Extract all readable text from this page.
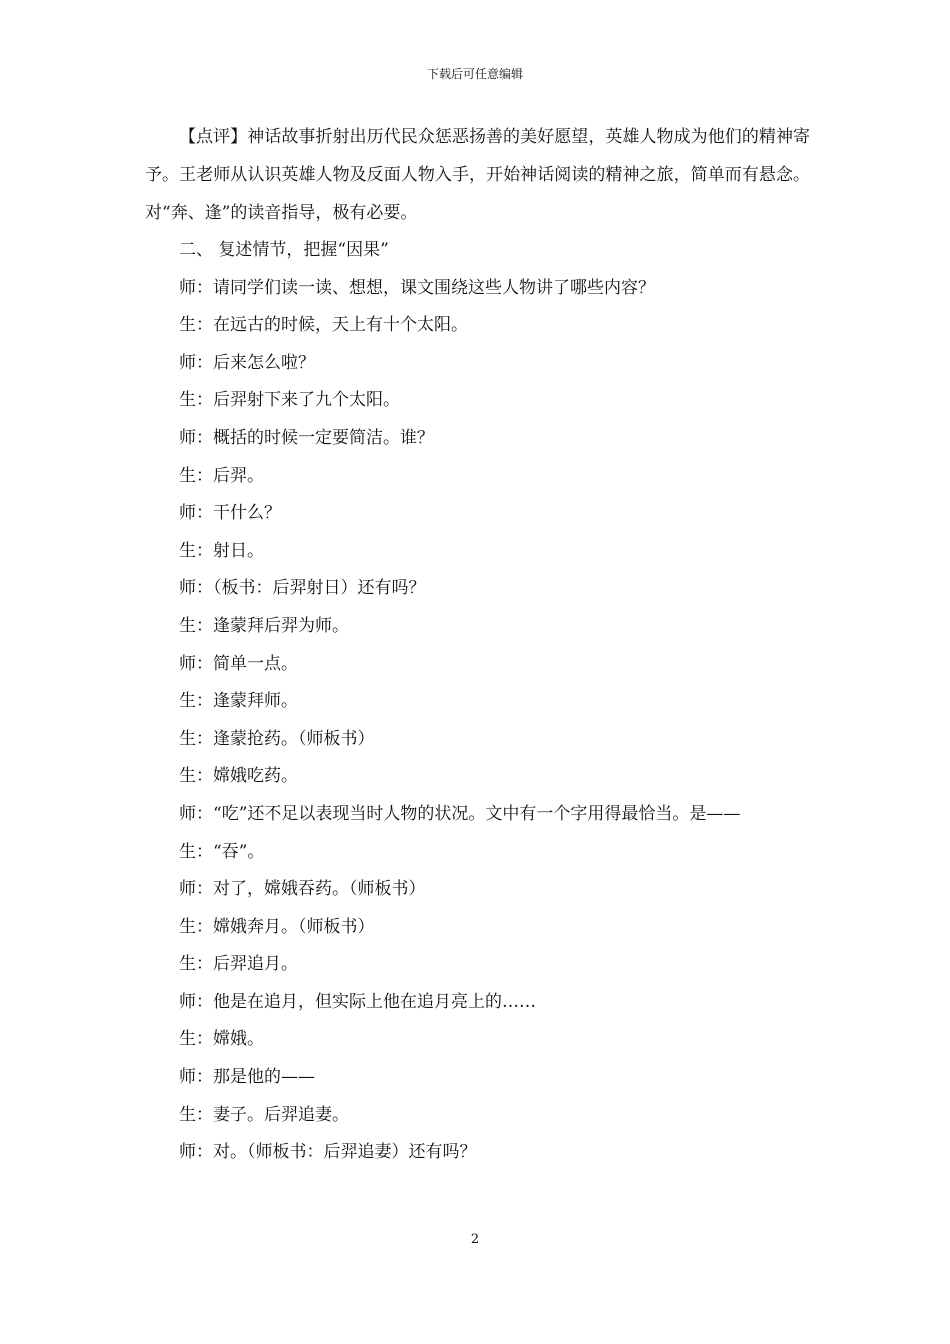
下载后可任意编辑

【点评】神话故事折射出历代民众惩恶扬善的美好愿望，英雄人物成为他们的精神寄予。王老师从认识英雄人物及反面人物入手，开始神话阅读的精神之旅，简单而有悬念。对“奔、逢”的读音指导，极有必要。

二、 复述情节，把握“因果”

师：请同学们读一读、想想，课文围绕这些人物讲了哪些内容？

生：在远古的时候，天上有十个太阳。

师：后来怎么啦？

生：后羿射下来了九个太阳。

师：概括的时候一定要简洁。谁？

生：后羿。

师：干什么？

生：射日。

师：（板书：后羿射日）还有吗？

生：逢蒙拜后羿为师。

师：简单一点。

生：逢蒙拜师。

生：逢蒙抢药。（师板书）

生：嫦娥吃药。

师：“吃”还不足以表现当时人物的状况。文中有一个字用得最恰当。是——

生：“吞”。

师：对了，嫦娥吞药。（师板书）

生：嫦娥奔月。（师板书）

生：后羿追月。

师：他是在追月，但实际上他在追月亮上的……

生：嫦娥。

师：那是他的——

生：妻子。后羿追妻。

师：对。（师板书：后羿追妻）还有吗？

2
